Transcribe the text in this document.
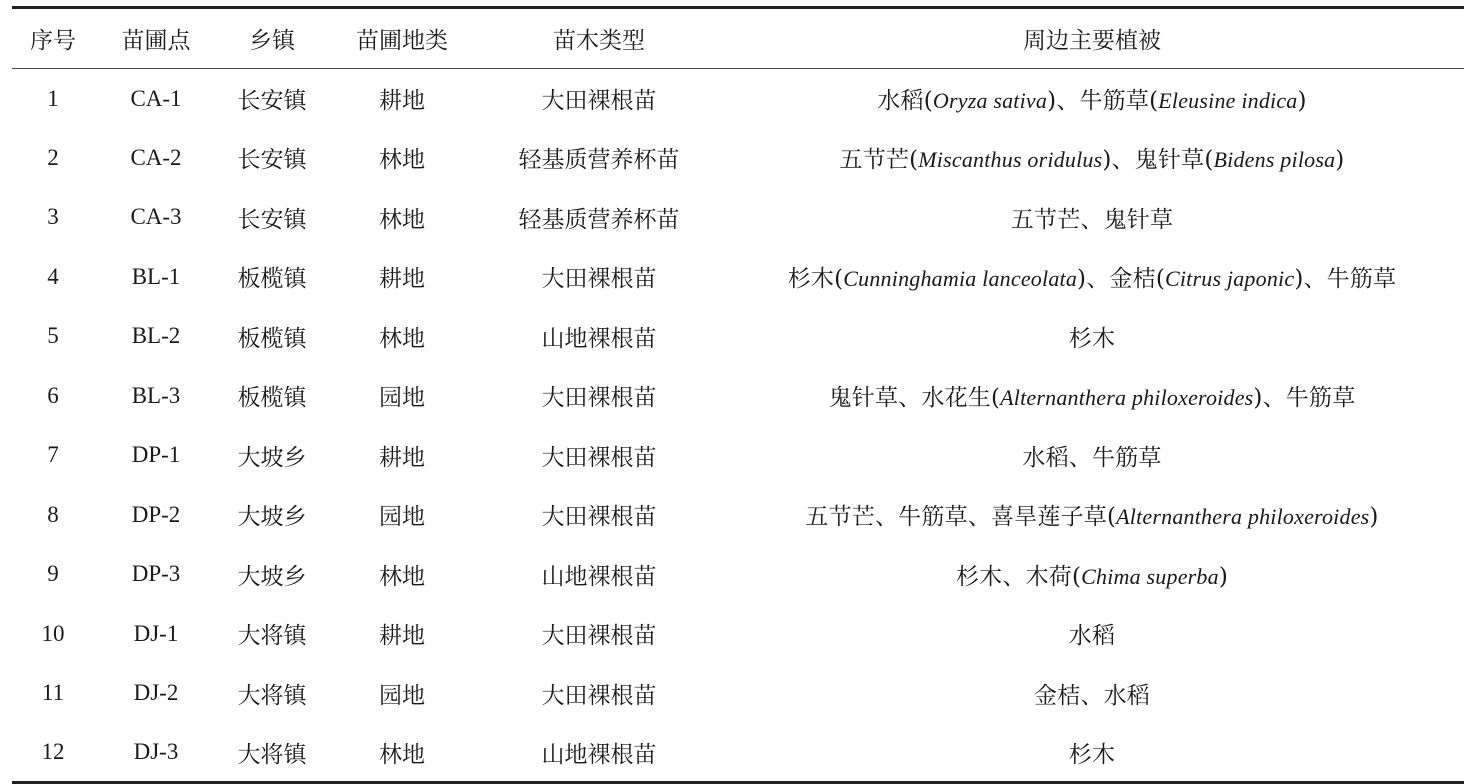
序号	苗圃点	乡镇	苗圃地类	苗木类型	周边主要植被
1	CA-1	长安镇	耕地	大田裸根苗	水稻(Oryza sativa)、牛筋草(Eleusine indica)
2	CA-2	长安镇	林地	轻基质营养杯苗	五节芒(Miscanthus oridulus)、鬼针草(Bidens pilosa)
3	CA-3	长安镇	林地	轻基质营养杯苗	五节芒、鬼针草
4	BL-1	板榄镇	耕地	大田裸根苗	杉木(Cunninghamia lanceolata)、金桔(Citrus japonic)、牛筋草
5	BL-2	板榄镇	林地	山地裸根苗	杉木
6	BL-3	板榄镇	园地	大田裸根苗	鬼针草、水花生(Alternanthera philoxeroides)、牛筋草
7	DP-1	大坡乡	耕地	大田裸根苗	水稻、牛筋草
8	DP-2	大坡乡	园地	大田裸根苗	五节芒、牛筋草、喜旱莲子草(Alternanthera philoxeroides)
9	DP-3	大坡乡	林地	山地裸根苗	杉木、木荷(Chima superba)
10	DJ-1	大将镇	耕地	大田裸根苗	水稻
11	DJ-2	大将镇	园地	大田裸根苗	金桔、水稻
12	DJ-3	大将镇	林地	山地裸根苗	杉木
